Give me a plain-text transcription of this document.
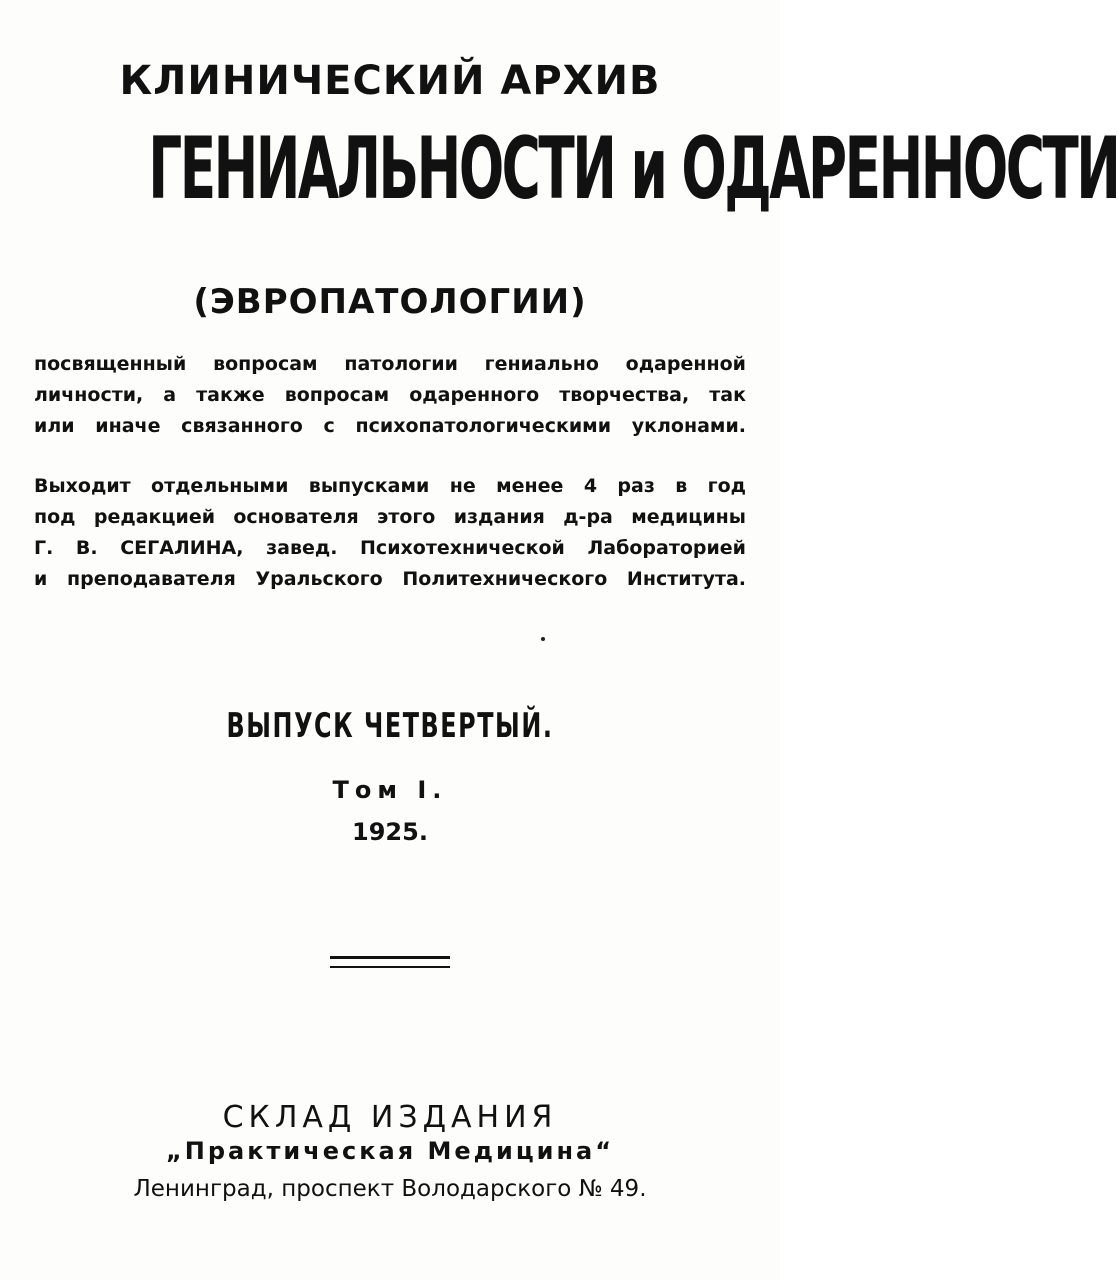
КЛИНИЧЕСКИЙ АРХИВ
ГЕНИАЛЬНОСТИ и ОДАРЕННОСТИ
(ЭВРОПАТОЛОГИИ)
посвященный вопросам патологии гениально одаренной
личности, а также вопросам одаренного творчества, так
или иначе связанного с психопатологическими уклонами.
Выходит отдельными выпусками не менее 4 раз в год
под редакцией основателя этого издания д-ра медицины
Г. В. СЕГАЛИНА, завед. Психотехнической Лабораторией
и преподавателя Уральского Политехнического Института.
ВЫПУСК ЧЕТВЕРТЫЙ.
Том I.
1925.
СКЛАД ИЗДАНИЯ
„Практическая Медицина“
Ленинград, проспект Володарского № 49.
